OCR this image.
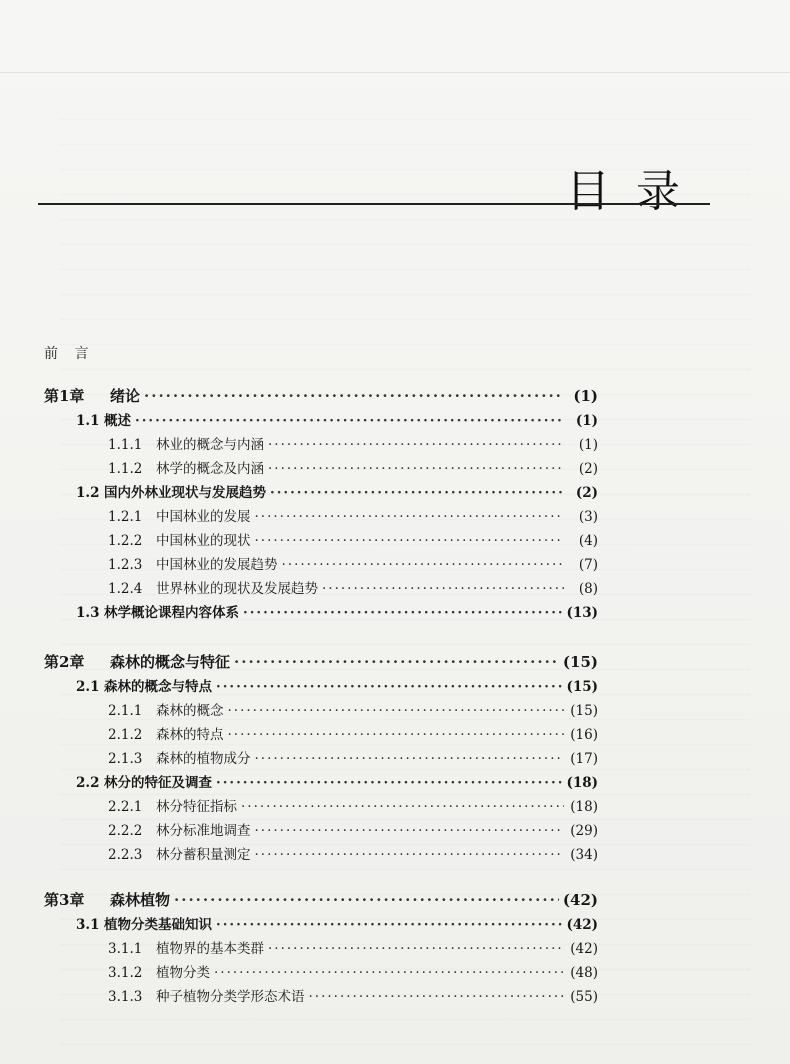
目录
前 言
第1章	绪论 ·····	(1)
1.1 概述 ·····	(1)
1.1.1	林业的概念与内涵 ·····	(1)
1.1.2	林学的概念及内涵 ·····	(2)
1.2 国内外林业现状与发展趋势 ·····	(2)
1.2.1	中国林业的发展 ·····	(3)
1.2.2	中国林业的现状 ·····	(4)
1.2.3	中国林业的发展趋势 ·····	(7)
1.2.4	世界林业的现状及发展趋势 ·····	(8)
1.3 林学概论课程内容体系 ·····	(13)
第2章	森林的概念与特征 ·····	(15)
2.1 森林的概念与特点 ·····	(15)
2.1.1	森林的概念 ·····	(15)
2.1.2	森林的特点 ·····	(16)
2.1.3	森林的植物成分 ·····	(17)
2.2 林分的特征及调查 ·····	(18)
2.2.1	林分特征指标 ·····	(18)
2.2.2	林分标准地调查 ·····	(29)
2.2.3	林分蓄积量测定 ·····	(34)
第3章	森林植物 ·····	(42)
3.1 植物分类基础知识 ·····	(42)
3.1.1	植物界的基本类群 ·····	(42)
3.1.2	植物分类 ·····	(48)
3.1.3	种子植物分类学形态术语 ·····	(55)
